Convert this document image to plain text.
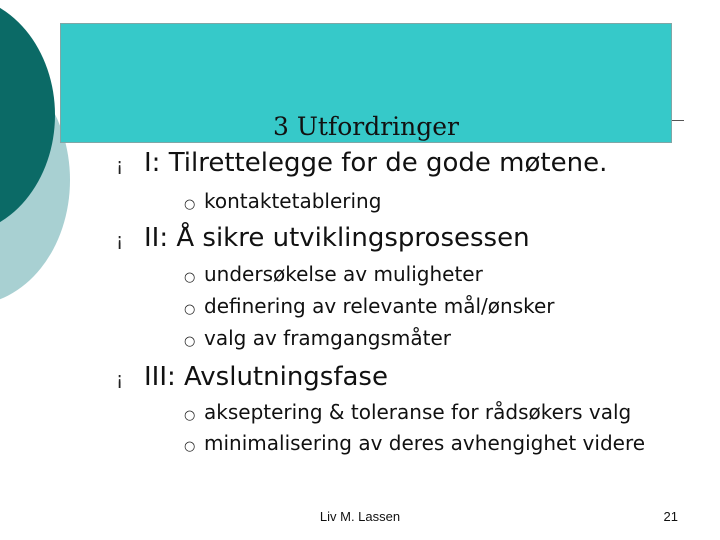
3 Utfordringer
¡ I: Tilrettelegge for de gode møtene.
○ kontaktetablering
¡ II: Å sikre utviklingsprosessen
○ undersøkelse av muligheter
○ definering av relevante mål/ønsker
○ valg av framgangsmåter
¡ III: Avslutningsfase
○ akseptering & toleranse for rådsøkers valg
○ minimalisering av deres avhengighet videre
Liv M. Lassen	21
